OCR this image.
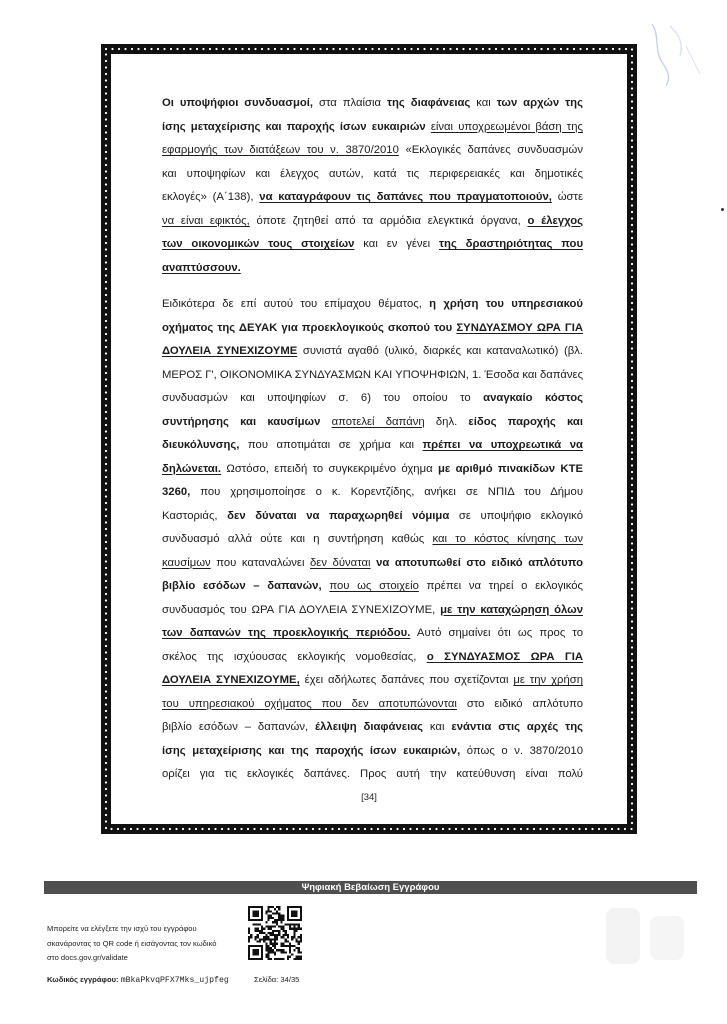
Οι υποψήφιοι συνδυασμοί, στα πλαίσια της διαφάνειας και των αρχών της
ίσης μεταχείρισης και παροχής ίσων ευκαιριών είναι υποχρεωμένοι βάση της
εφαρμογής των διατάξεων του ν. 3870/2010 «Εκλογικές δαπάνες συνδυασμών
και υποψηφίων και έλεγχος αυτών, κατά τις περιφερειακές και δημοτικές
εκλογές» (Α΄138), να καταγράφουν τις δαπάνες που πραγματοποιούν, ώστε
να είναι εφικτός, όποτε ζητηθεί από τα αρμόδια ελεγκτικά όργανα, ο έλεγχος
των οικονομικών τους στοιχείων και εν γένει της δραστηριότητας που
αναπτύσσουν.
Ειδικότερα δε επί αυτού του επίμαχου θέματος, η χρήση του υπηρεσιακού
οχήματος της ΔΕΥΑΚ για προεκλογικούς σκοπού του ΣΥΝΔΥΑΣΜΟΥ ΩΡΑ ΓΙΑ
ΔΟΥΛΕΙΑ ΣΥΝΕΧΙΖΟΥΜΕ συνιστά αγαθό (υλικό, διαρκές και καταναλωτικό) (βλ.
ΜΕΡΟΣ Γ', ΟΙΚΟΝΟΜΙΚΑ ΣΥΝΔΥΑΣΜΩΝ ΚΑΙ ΥΠΟΨΗΦΙΩΝ, 1. Έσοδα και δαπάνες
συνδυασμών και υποψηφίων σ. 6) του οποίου το αναγκαίο κόστος
συντήρησης και καυσίμων αποτελεί δαπάνη δηλ. είδος παροχής και
διευκόλυνσης, που αποτιμάται σε χρήμα και πρέπει να υποχρεωτικά να
δηλώνεται. Ωστόσο, επειδή το συγκεκριμένο όχημα με αριθμό πινακίδων ΚΤΕ
3260, που χρησιμοποίησε ο κ. Κορεντζίδης, ανήκει σε ΝΠΙΔ του Δήμου
Καστοριάς, δεν δύναται να παραχωρηθεί νόμιμα σε υποψήφιο εκλογικό
συνδυασμό αλλά ούτε και η συντήρηση καθώς και το κόστος κίνησης των
καυσίμων που καταναλώνει δεν δύναται να αποτυπωθεί στο ειδικό απλότυπο
βιβλίο εσόδων – δαπανών, που ως στοιχείο πρέπει να τηρεί ο εκλογικός
συνδυασμός του ΩΡΑ ΓΙΑ ΔΟΥΛΕΙΑ ΣΥΝΕΧΙΖΟΥΜΕ, με την καταχώρηση όλων
των δαπανών της προεκλογικής περιόδου. Αυτό σημαίνει ότι ως προς το
σκέλος της ισχύουσας εκλογικής νομοθεσίας, ο ΣΥΝΔΥΑΣΜΟΣ ΩΡΑ ΓΙΑ
ΔΟΥΛΕΙΑ ΣΥΝΕΧΙΖΟΥΜΕ, έχει αδήλωτες δαπάνες που σχετίζονται με την χρήση
του υπηρεσιακού οχήματος που δεν αποτυπώνονται στο ειδικό απλότυπο
βιβλίο εσόδων – δαπανών, έλλειψη διαφάνειας και ενάντια στις αρχές της
ίσης μεταχείρισης και της παροχής ίσων ευκαιριών, όπως ο ν. 3870/2010
ορίζει για τις εκλογικές δαπάνες. Προς αυτή την κατεύθυνση είναι πολύ
[34]
Ψηφιακή Βεβαίωση Εγγράφου
Μπορείτε να ελέγξετε την ισχύ του εγγράφου
σκανάροντας το QR code ή εισάγοντας τον κωδικό
στο docs.gov.gr/validate
Κωδικός εγγράφου: mBkaPkvqPFX7Mks_ujpfeg	Σελίδα: 34/35
